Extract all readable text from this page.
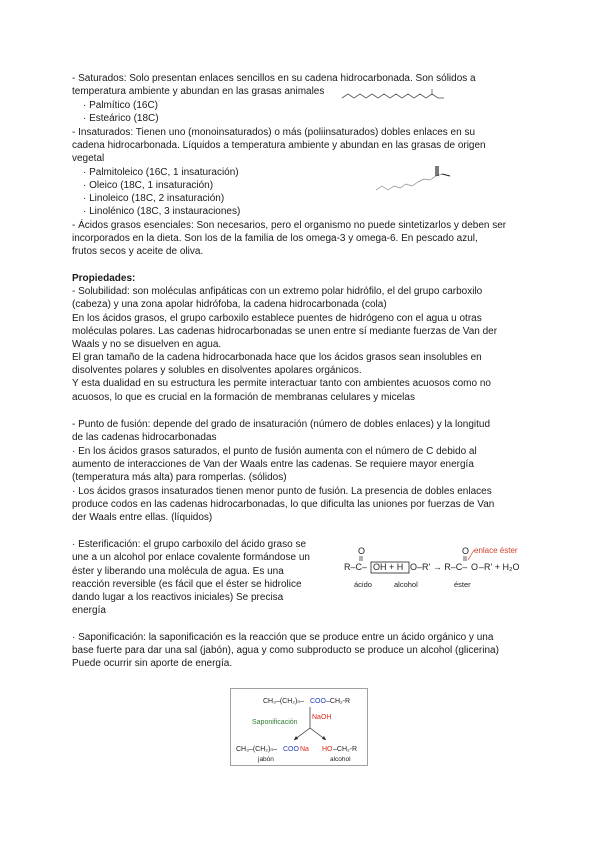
- Saturados: Solo presentan enlaces sencillos en su cadena hidrocarbonada. Son sólidos a
temperatura ambiente y abundan en las grasas animales
· Palmítico (16C)
· Esteárico (18C)
- Insaturados: Tienen uno (monoinsaturados) o más (poliinsaturados) dobles enlaces en su
cadena hidrocarbonada. Líquidos a temperatura ambiente y abundan en las grasas de origen
vegetal
· Palmitoleico (16C, 1 insaturación)
· Oleico (18C, 1 insaturación)
· Linoleico (18C, 2 insaturación)
· Linolénico (18C, 3 instauraciones)
- Ácidos grasos esenciales: Son necesarios, pero el organismo no puede sintetizarlos y deben ser
incorporados en la dieta. Son los de la familia de los omega-3 y omega-6. En pescado azul,
frutos secos y aceite de oliva.
Propiedades:
- Solubilidad: son moléculas anfipáticas con un extremo polar hidrófilo, el del grupo carboxilo
(cabeza) y una zona apolar hidrófoba, la cadena hidrocarbonada (cola)
En los ácidos grasos, el grupo carboxilo establece puentes de hidrógeno con el agua u otras
moléculas polares. Las cadenas hidrocarbonadas se unen entre sí mediante fuerzas de Van der
Waals y no se disuelven en agua.
El gran tamaño de la cadena hidrocarbonada hace que los ácidos grasos sean insolubles en
disolventes polares y solubles en disolventes apolares orgánicos.
Y esta dualidad en su estructura les permite interactuar tanto con ambientes acuosos como no
acuosos, lo que es crucial en la formación de membranas celulares y micelas
- Punto de fusión: depende del grado de insaturación (número de dobles enlaces) y la longitud
de las cadenas hidrocarbonadas
· En los ácidos grasos saturados, el punto de fusión aumenta con el número de C debido al
aumento de interacciones de Van der Waals entre las cadenas. Se requiere mayor energía
(temperatura más alta) para romperlas. (sólidos)
· Los ácidos grasos insaturados tienen menor punto de fusión. La presencia de dobles enlaces
produce codos en las cadenas hidrocarbonadas, lo que dificulta las uniones por fuerzas de Van
der Waals entre ellas. (líquidos)
· Esterificación: el grupo carboxilo del ácido graso se
une a un alcohol por enlace covalente formándose un
éster y liberando una molécula de agua. Es una
reacción reversible (es fácil que el éster se hidrolice
dando lugar a los reactivos iniciales) Se precisa
energía
O
R–C– OH + H O–R' → R–C–
O enlace éster
O –R' + H₂O
ácido	alcohol	éster
· Saponificación: la saponificación es la reacción que se produce entre un ácido orgánico y una
base fuerte para dar una sal (jabón), agua y como subproducto se produce un alcohol (glicerina)
Puede ocurrir sin aporte de energía.
CH₃–(CH₂)ₙ– COO –CH₂-R
NaOH
Saponificación
CH₃–(CH₂)ₙ– COO Na HO –CH₂-R
jabón	alcohol
